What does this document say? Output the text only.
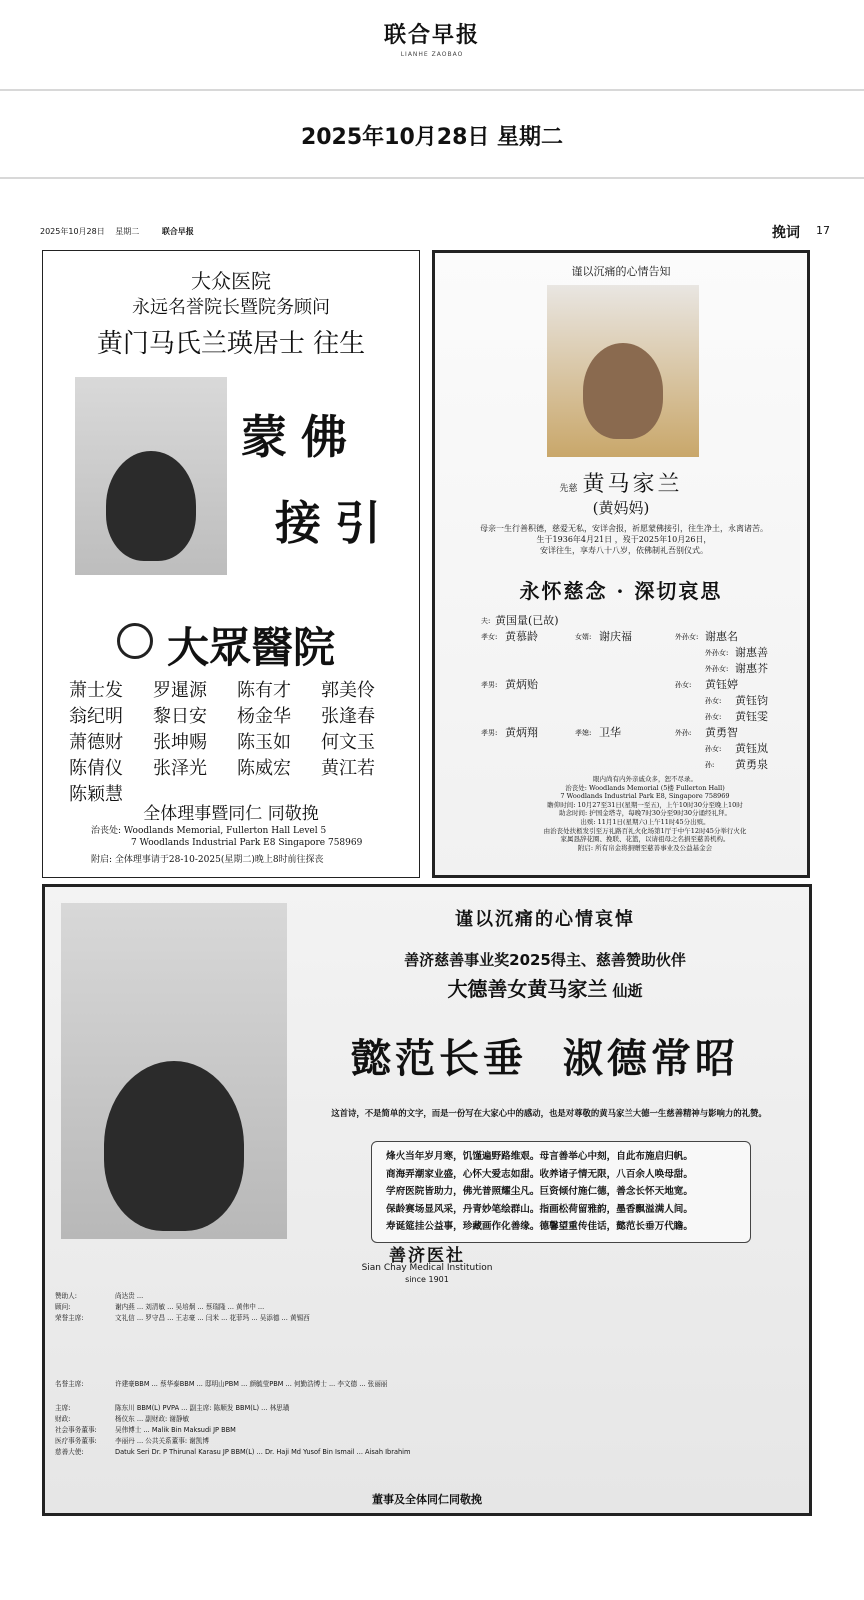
联合早报
LIANHE ZAOBAO
2025年10月28日 星期二
2025年10月28日 星期二	联合早报	挽词 17
大众医院
永远名誉院长暨院务顾问
黄门马氏兰瑛居士 往生
蒙佛
接引
大眾醫院
萧士发	罗暹源	陈有才	郭美伶
翁纪明	黎日安	杨金华	张逢春
萧德财	张坤赐	陈玉如	何文玉
陈倩仪	张泽光	陈威宏	黄江若
陈颖慧
全体理事暨同仁 同敬挽
治丧处: Woodlands Memorial, Fullerton Hall Level 5
7 Woodlands Industrial Park E8 Singapore 758969
附启: 全体理事请于28-10-2025(星期二)晚上8时前往探丧
谨以沉痛的心情告知
先慈 黄马家兰
(黄妈妈)
母亲一生行善积德，慈爱无私，安详舍报，祈愿蒙佛接引，往生净土，永离诸苦。
生于1936年4月21日 ，歿于2025年10月26日，
安详往生，享寿八十八岁，依佛制礼吾别仪式。
永怀慈念 · 深切哀思
夫: 黄国量(已故)
孝女: 黄慕龄	女婿: 谢庆福	外孙女: 谢惠名
外孙女: 谢惠善
外孙女: 谢惠芥
孝男: 黄炳贻	孙女:	黄钰婷
孙女:	黄钰钧
孙女:	黄钰雯
孝男: 黄炳翔	孝媳: 卫华	外孙:	黄勇智
孙女:	黄钰岚
孙:	黄勇泉
眼内尚有内外亲戚众多，恕不尽录。
治丧处: Woodlands Memorial (5楼 Fullerton Hall)
7 Woodlands Industrial Park E8, Singapore 758969
瞻仰时间: 10月27至31日(星期一至五)，上午10时30分至晚上10时
助念时间: 护国金塔寺，每晚7时30分至9时30分诵经礼拜。
出殡: 11月1日(星期六)上午11时45分出殡。
由治丧处扶柩发引至万礼路百礼火化场第1厅于中午12时45分举行火化
家属恳辞花圈、挽联、花篮，以请祖母之名捐至慈善机构。
附启: 所有帛金将捐赠至慈善事业及公益基金会
谨以沉痛的心情哀悼
善济慈善事业奖2025得主、慈善赞助伙伴
大德善女黄马家兰 仙逝
懿范长垂  淑德常昭
这首诗，不是简单的文字，而是一份写在大家心中的感动，也是对尊敬的黄马家兰大德一生慈善精神与影响力的礼赞。
烽火当年岁月寒，饥馑遍野路维艰。母言善举心中刻，自此布施启归帆。
商海弄潮家业盛，心怀大爱志如甜。收养诸子情无限，八百余人唤母甜。
学府医院皆助力，佛光普照耀尘凡。巨资倾付施仁德，善念长怀天地宽。
保龄赛场显风采，丹青妙笔绘群山。指画松荷留雅韵，墨香飘溢满人间。
寿诞筵挂公益事，珍藏画作化善缘。德馨望重传佳话，懿范长垂万代瞻。
善济医社
Sian Chay Medical Institution
since 1901
赞助人:	尚达贵 ...
顾问:	谢内燕 ... 刘清敏 ... 吴培炯 ... 蔡瑞隆 ... 黄伟中 ...
荣誉主席:	文礼信 ... 罗守昌 ... 王志豪 ... 闫米 ... 花菲玛 ... 吴添德 ... 黄锡西
名誉主席:	许建豪BBM ... 蔡华泰BBM ... 邸明山PBM ... 颜毓莹PBM ... 何勤浩博士 ... 李文德 ... 张丽丽
主席:	陈东川 BBM(L) PVPA ... 副主席: 陈顺发 BBM(L) ... 林思璜
财政:	杨仪东 ... 副财政: 谢静敏
社会事务董事:	吴伟博士 ... Malik Bin Maksudi JP BBM
医疗事务董事:	李丽丹 ... 公共关系董事: 谢凯博
慈善大使:	Datuk Seri Dr. P Thirunal Karasu JP BBM(L) ... Dr. Haji Md Yusof Bin Ismail ... Aisah Ibrahim
董事及全体同仁同敬挽
